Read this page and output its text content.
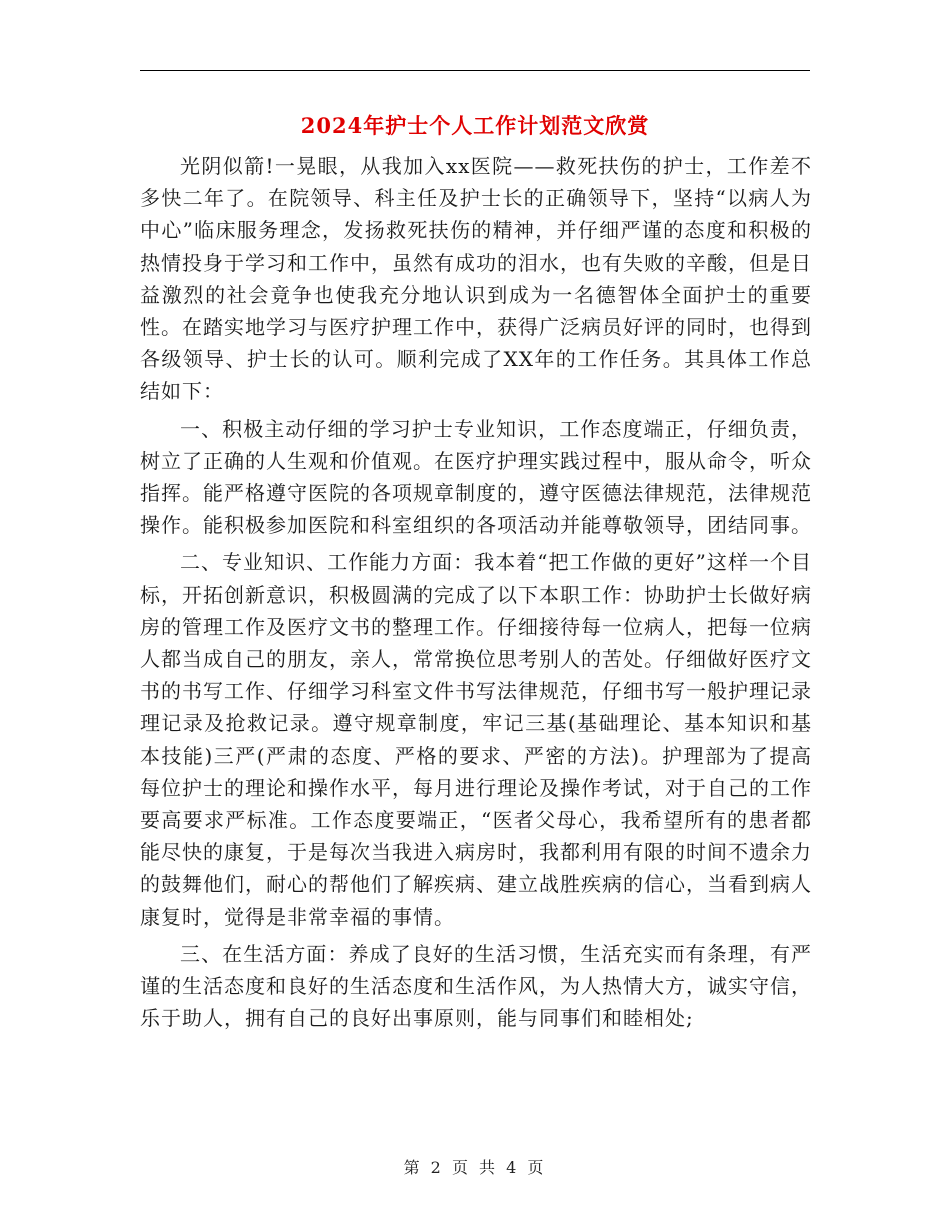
2024年护士个人工作计划范文欣赏

光阴似箭!一晃眼，从我加入xx医院——救死扶伤的护士，工作差不多快二年了。在院领导、科主任及护士长的正确领导下，坚持“以病人为中心”临床服务理念，发扬救死扶伤的精神，并仔细严谨的态度和积极的热情投身于学习和工作中，虽然有成功的泪水，也有失败的辛酸，但是日益激烈的社会竟争也使我充分地认识到成为一名德智体全面护士的重要性。在踏实地学习与医疗护理工作中，获得广泛病员好评的同时，也得到各级领导、护士长的认可。顺利完成了XX年的工作任务。其具体工作总结如下：

一、积极主动仔细的学习护士专业知识，工作态度端正，仔细负责，树立了正确的人生观和价值观。在医疗护理实践过程中，服从命令，听众指挥。能严格遵守医院的各项规章制度的，遵守医德法律规范，法律规范操作。能积极参加医院和科室组织的各项活动并能尊敬领导，团结同事。

二、专业知识、工作能力方面：我本着“把工作做的更好”这样一个目标，开拓创新意识，积极圆满的完成了以下本职工作：协助护士长做好病房的管理工作及医疗文书的整理工作。仔细接待每一位病人，把每一位病人都当成自己的朋友，亲人，常常换位思考别人的苦处。仔细做好医疗文书的书写工作、仔细学习科室文件书写法律规范，仔细书写一般护理记录理记录及抢救记录。遵守规章制度，牢记三基(基础理论、基本知识和基本技能)三严(严肃的态度、严格的要求、严密的方法)。护理部为了提高每位护士的理论和操作水平，每月进行理论及操作考试，对于自己的工作要高要求严标准。工作态度要端正，“医者父母心，我希望所有的患者都能尽快的康复，于是每次当我进入病房时，我都利用有限的时间不遗余力的鼓舞他们，耐心的帮他们了解疾病、建立战胜疾病的信心，当看到病人康复时，觉得是非常幸福的事情。

三、在生活方面：养成了良好的生活习惯，生活充实而有条理，有严谨的生活态度和良好的生活态度和生活作风，为人热情大方，诚实守信，乐于助人，拥有自己的良好出事原则，能与同事们和睦相处;

第 2 页 共 4 页
